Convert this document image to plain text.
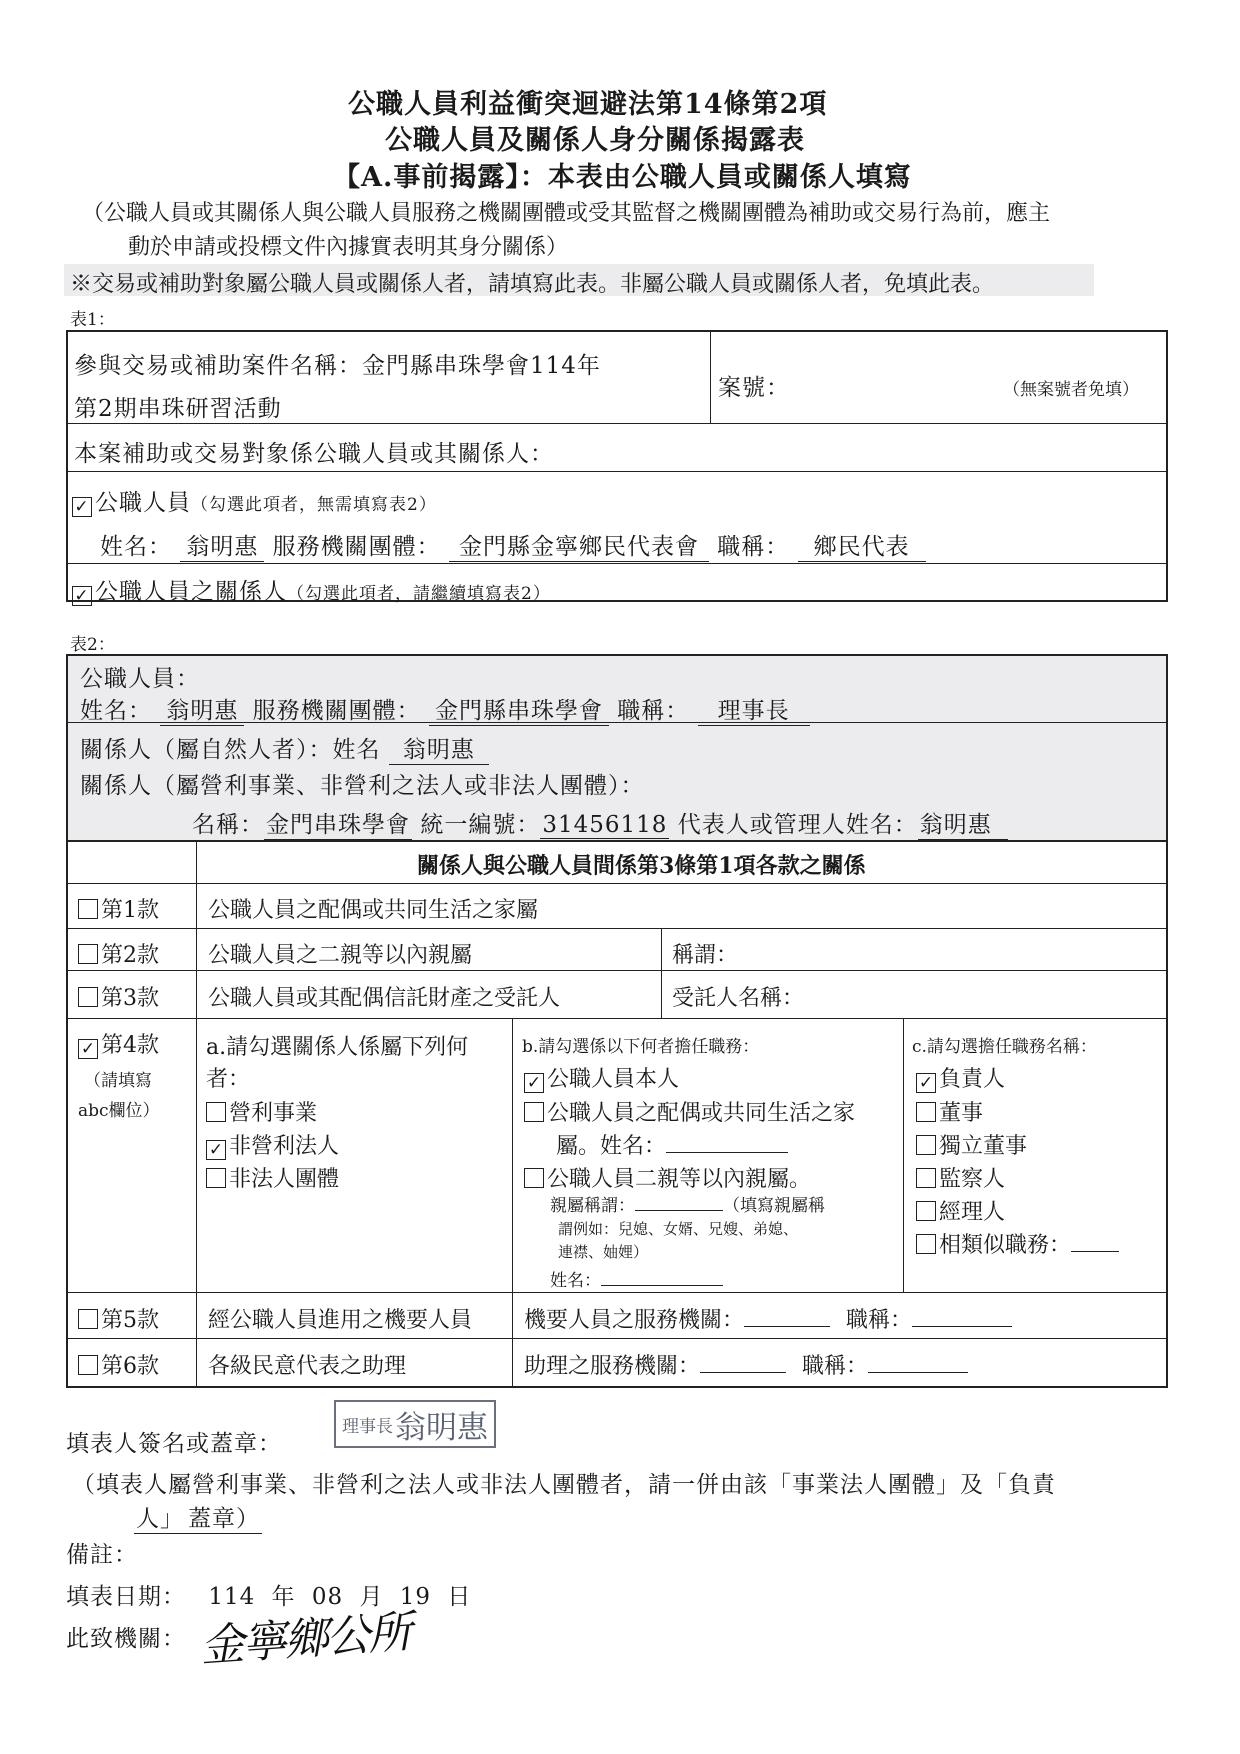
公職人員利益衝突迴避法第14條第2項
公職人員及關係人身分關係揭露表
【A.事前揭露】：本表由公職人員或關係人填寫
（公職人員或其關係人與公職人員服務之機關團體或受其監督之機關團體為補助或交易行為前，應主
動於申請或投標文件內據實表明其身分關係）
※交易或補助對象屬公職人員或關係人者，請填寫此表。非屬公職人員或關係人者，免填此表。
表1：
參與交易或補助案件名稱：金門縣串珠學會114年
第2期串珠研習活動
案號：	（無案號者免填）
本案補助或交易對象係公職人員或其關係人：
✓ 公職人員（勾選此項者，無需填寫表2）
姓名： 翁明惠 服務機關團體： 金門縣金寧鄉民代表會 職稱： 鄉民代表
✓ 公職人員之關係人（勾選此項者，請繼續填寫表2）
表2：
公職人員：
姓名： 翁明惠 服務機關團體： 金門縣串珠學會 職稱： 理事長
關係人（屬自然人者）：姓名 翁明惠
關係人（屬營利事業、非營利之法人或非法人團體）：
名稱：金門串珠學會 統一編號：31456118 代表人或管理人姓名：翁明惠
關係人與公職人員間係第3條第1項各款之關係
第1款 公職人員之配偶或共同生活之家屬
第2款 公職人員之二親等以內親屬	稱謂：
第3款 公職人員或其配偶信託財產之受託人	受託人名稱：
✓ 第4款
（請填寫
abc欄位）
a.請勾選關係人係屬下列何
者：
營利事業
✓ 非營利法人
非法人團體
b.請勾選係以下何者擔任職務：
✓ 公職人員本人
公職人員之配偶或共同生活之家
屬。姓名：
公職人員二親等以內親屬。
親屬稱謂：	（填寫親屬稱
謂例如：兒媳、女婿、兄嫂、弟媳、
連襟、妯娌）
姓名：
c.請勾選擔任職務名稱：
✓ 負責人
董事
獨立董事
監察人
經理人
相類似職務：
第5款 經公職人員進用之機要人員 機要人員之服務機關：	職稱：
第6款 各級民意代表之助理	助理之服務機關：	職稱：
填表人簽名或蓋章：
理事長 翁明惠
（填表人屬營利事業、非營利之法人或非法人團體者，請一併由該「事業法人團體」及「負責
人」 蓋章）
備註：
填表日期： 114 年 08 月 19 日
此致機關： 金寧鄉公所
